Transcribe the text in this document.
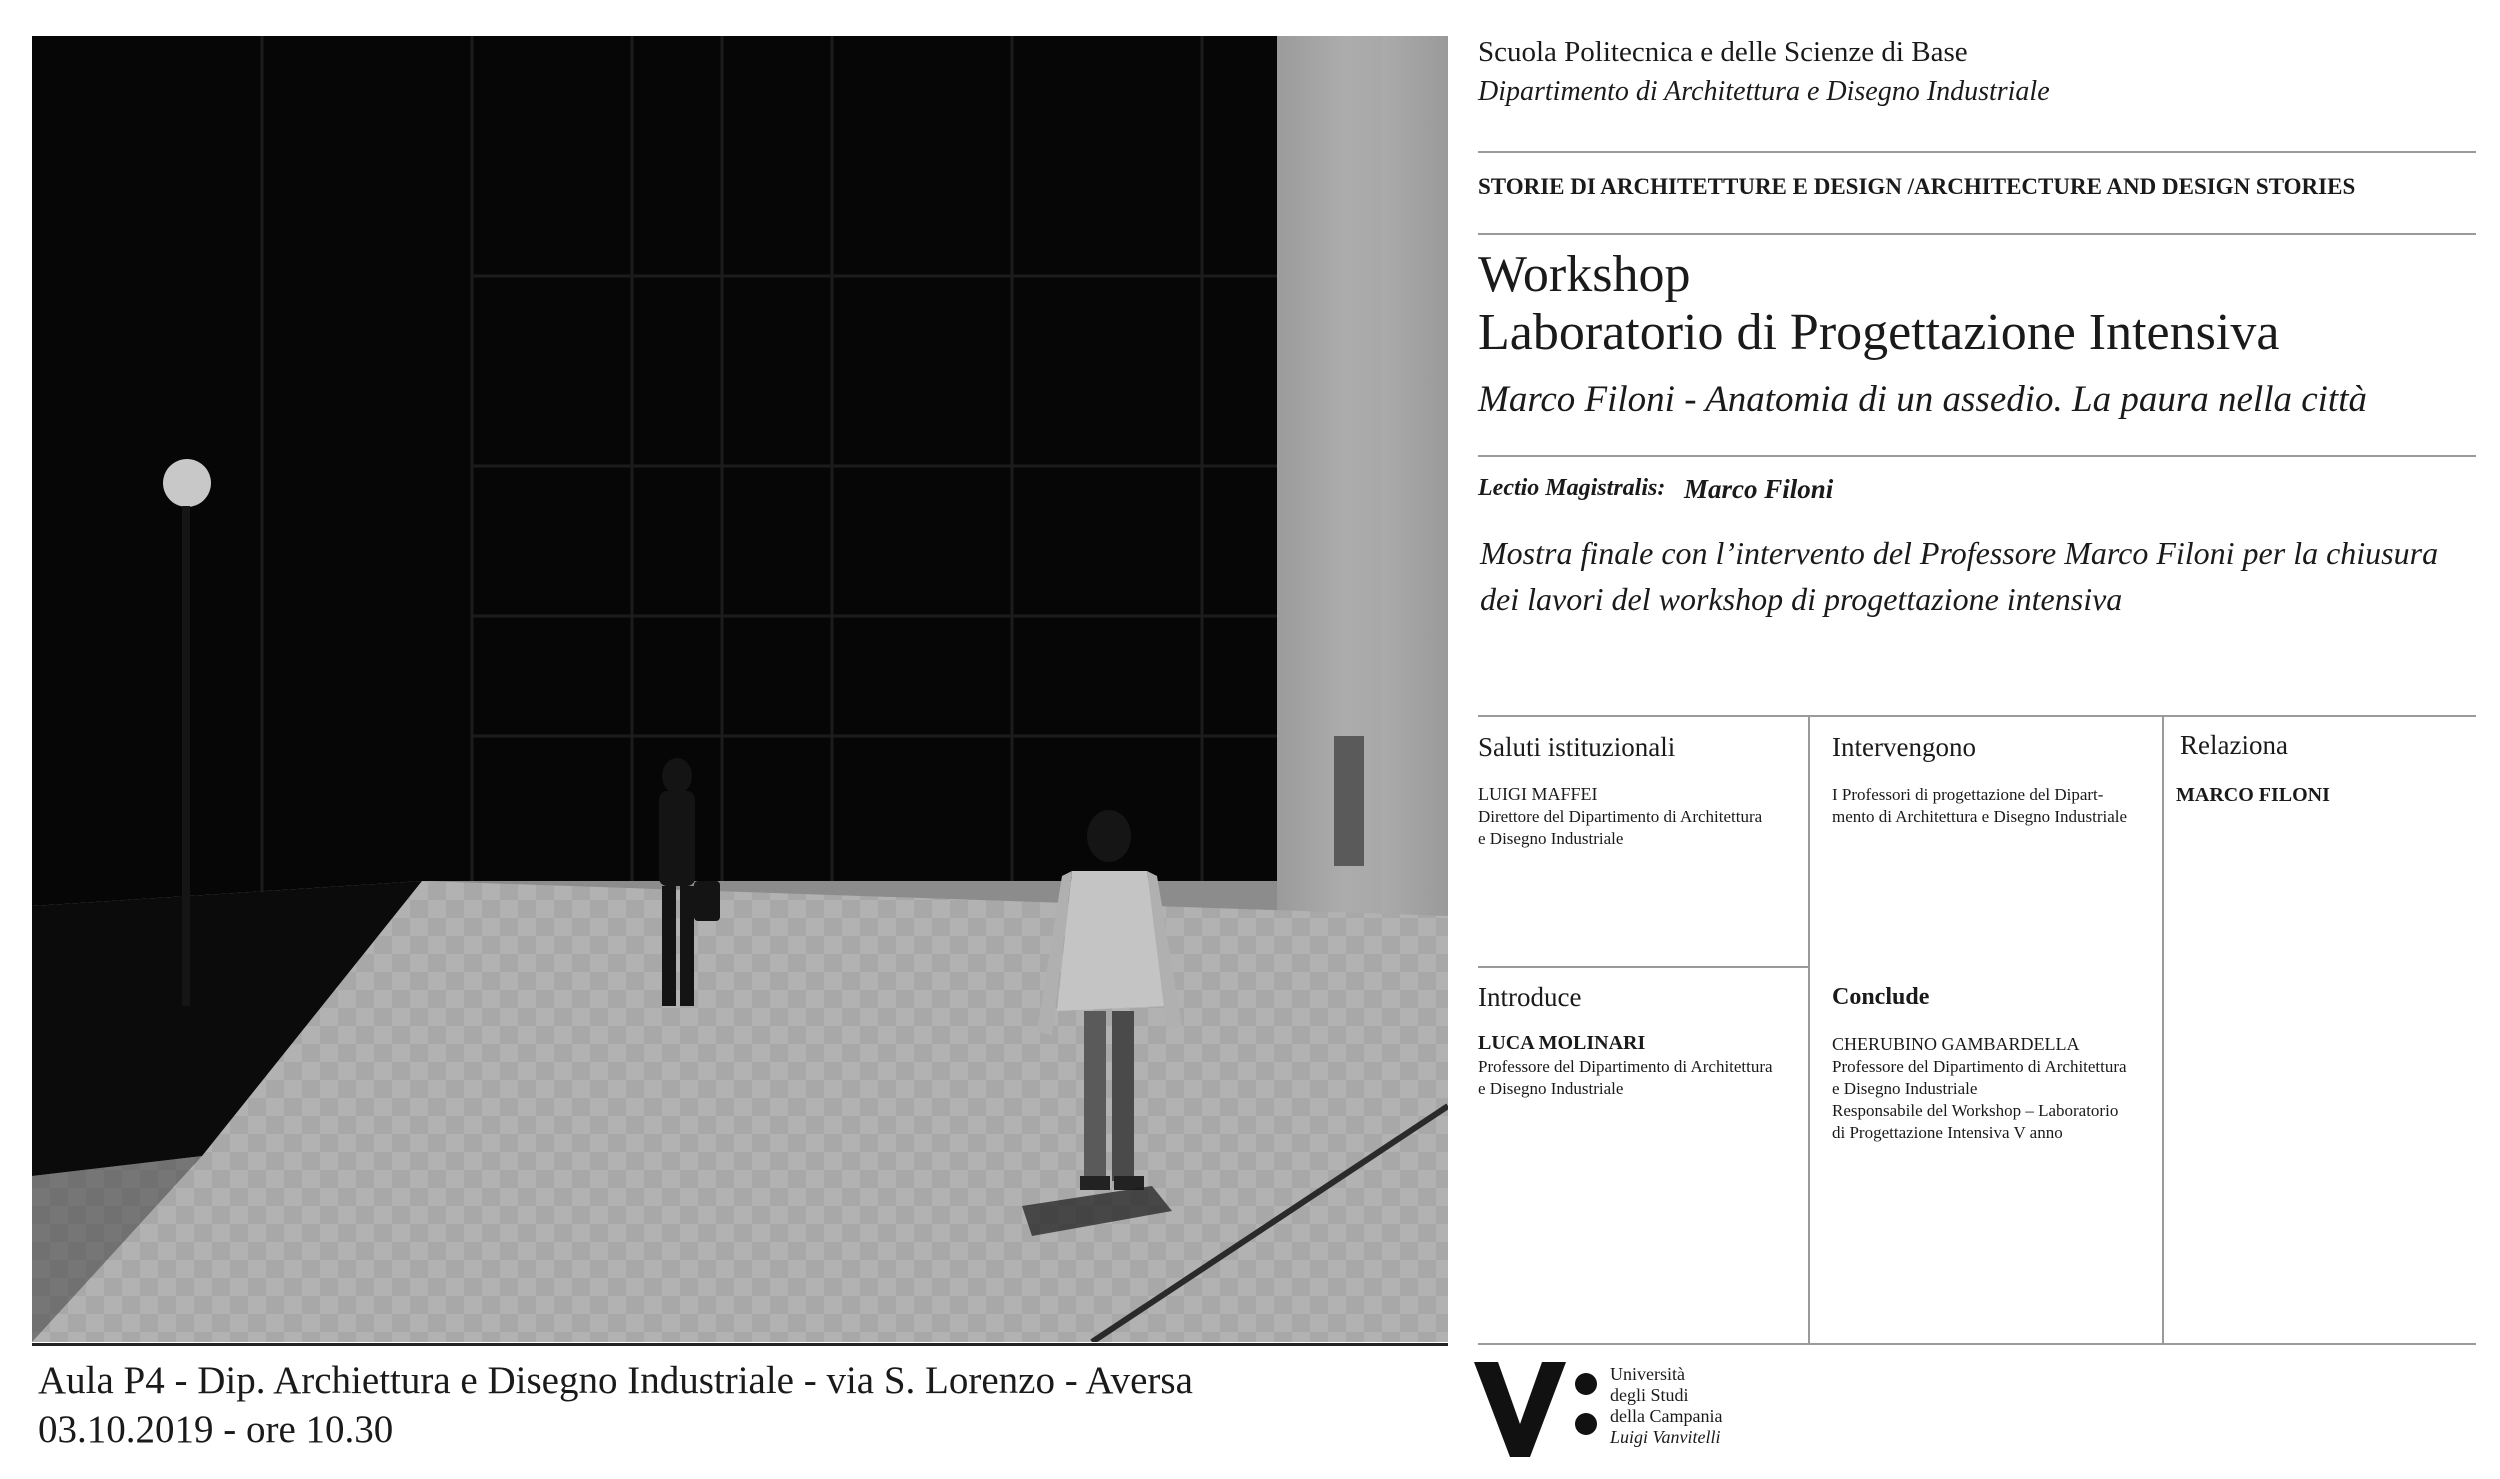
Aula P4 - Dip. Archiettura e Disegno Industriale - via S. Lorenzo - Aversa
03.10.2019 - ore 10.30
Scuola Politecnica e delle Scienze di Base
Dipartimento di Architettura e Disegno Industriale
STORIE DI ARCHITETTURE E DESIGN /ARCHITECTURE AND DESIGN STORIES
Workshop
Laboratorio di Progettazione Intensiva
Marco Filoni - Anatomia di un assedio. La paura nella città
Lectio Magistralis: Marco Filoni
Mostra finale con l’intervento del Professore Marco Filoni per la chiusura dei lavori del workshop di progettazione intensiva
Saluti istituzionali
LUIGI MAFFEI
Direttore del Dipartimento di Architettura
e Disegno Industriale
Intervengono
I Professori di progettazione del Dipart-
mento di Architettura e Disegno Industriale
Relaziona
MARCO FILONI
Introduce
LUCA MOLINARI
Professore del Dipartimento di Architettura
e Disegno Industriale
Conclude
CHERUBINO GAMBARDELLA
Professore del Dipartimento di Architettura
e Disegno Industriale
Responsabile del Workshop – Laboratorio
di Progettazione Intensiva V anno
Università
degli Studi
della Campania
Luigi Vanvitelli
